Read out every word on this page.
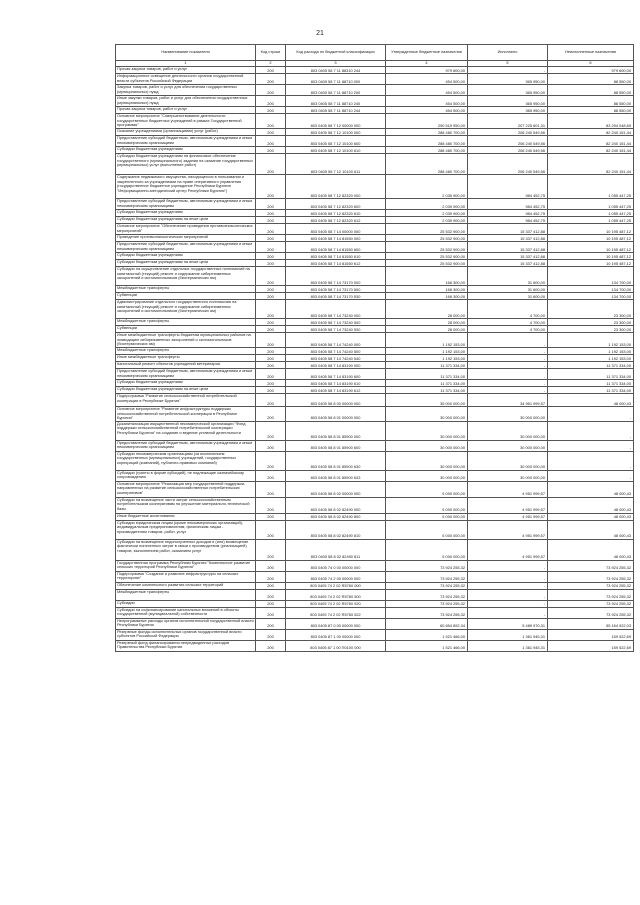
21
Наименование показателя	Код строки	Код расхода по бюджетной классификации	Утвержденные бюджетные назначения	Исполнено	Неисполненные назначения
1	2	3	4	5	6
Прочая закупка товаров, работ и услуг	200	803 0405 58 7 11 88310 244	979 600,00	-	979 600,00
Информационное освещение деятельности органов государственной власти субъектов Российской Федерации	200	803 0405 58 7 11 88710 000	454 500,00	365 950,00	88 550,00
Закупка товаров, работ и услуг для обеспечения государственных (муниципальных) нужд	200	803 0405 58 7 11 88710 200	454 500,00	365 950,00	88 550,00
Иные закупки товаров, работ и услуг для обеспечения государственных (муниципальных) нужд	200	803 0405 58 7 11 88710 240	454 500,00	365 950,00	88 550,00
Прочая закупка товаров, работ и услуг	200	803 0405 58 7 11 88710 244	454 500,00	365 950,00	88 550,00
Основное мероприятие "Совершенствование деятельности государственных бюджетных учреждений в рамках Государственной программы"	200	803 0405 58 7 12 00000 000	290 519 950,00	207 225 601,31	83 294 048,69
Оказание учреждениями (организациями) услуг (работ)	200	803 0405 58 7 12 10100 000	288 480 700,00	206 240 549,56	82 240 151,44
Предоставление субсидий бюджетным, автономным учреждениям и иным некоммерческим организациям	200	803 0405 58 7 12 10100 600	288 480 700,00	206 240 549,56	82 240 151,44
Субсидии бюджетным учреждениям	200	803 0405 58 7 12 10100 610	288 480 700,00	206 240 549,56	82 240 151,44
Субсидии бюджетным учреждениям на финансовое обеспечение государственного (муниципального) задания на оказание государственных (муниципальных) услуг (выполнение работ)	200	803 0405 58 7 12 10100 611	288 480 700,00	206 240 549,56	82 240 151,44
Содержание недвижимого имущества, находящегося в пользовании и закрепленного за учреждениями на праве оперативного управления (государственное бюджетное учреждение Республики Бурятия "Информационно-методический центр Республики Бурятия")	200	803 0405 58 7 12 82320 000	2 039 900,00	984 452,75	1 055 447,25
Предоставление субсидий бюджетным, автономным учреждениям и иным некоммерческим организациям	200	803 0405 58 7 12 82320 600	2 039 900,00	984 452,75	1 055 447,25
Субсидии бюджетным учреждениям	200	803 0405 58 7 12 82320 610	2 039 900,00	984 452,75	1 055 447,25
Субсидии бюджетным учреждениям на иные цели	200	803 0405 58 7 12 82320 612	2 039 900,00	984 452,75	1 055 447,25
Основное мероприятие "Обеспечение проведения противоэпизоотических мероприятий"	200	803 0405 58 7 14 00000 000	25 532 900,00	15 337 412,88	10 195 487,12
Проведение противоэпизоотических мероприятий	200	803 0405 58 7 14 81550 000	25 532 900,00	15 337 412,88	10 195 487,12
Предоставление субсидий бюджетным, автономным учреждениям и иным некоммерческим организациям	200	803 0405 58 7 14 81550 600	25 532 900,00	15 337 412,88	10 195 487,12
Субсидии бюджетным учреждениям	200	803 0405 58 7 14 81550 610	25 532 900,00	15 337 412,88	10 195 487,12
Субсидии бюджетным учреждениям на иные цели	200	803 0405 58 7 14 81550 612	25 532 900,00	15 337 412,88	10 195 487,12
Субсидии на осуществление отдельных государственных полномочий на капитальный (текущий) ремонт и содержание сибиреязвенных захоронений и скотомогильников (биотермических ям)	200	803 0405 58 7 14 73170 000	166 300,00	31 600,00	134 700,00
Межбюджетные трансферты	200	803 0405 58 7 14 73170 500	166 300,00	31 600,00	134 700,00
Субвенции	200	803 0405 58 7 14 73170 530	166 300,00	31 600,00	134 700,00
Администрирование отдельного государственного полномочия на капитальный (текущий) ремонт и содержание сибиреязвенных захоронений и скотомогильников (биотермических ям)	200	803 0405 58 7 14 73240 000	28 000,00	4 700,00	23 300,00
Межбюджетные трансферты	200	803 0405 58 7 14 73240 500	28 000,00	4 700,00	23 300,00
Субвенции	200	803 0405 58 7 14 73240 530	28 000,00	4 700,00	23 300,00
Иные межбюджетные трансферты бюджетам муниципальных районов на ликвидацию сибиреязвенных захоронений и скотомогильников (биотермических ям)	200	803 0405 58 7 14 74240 000	1 192 153,00	-	1 192 153,00
Межбюджетные трансферты	200	803 0405 58 7 14 74240 500	1 192 153,00	-	1 192 153,00
Иные межбюджетные трансферты	200	803 0405 58 7 14 74240 540	1 192 153,00	-	1 192 153,00
Капитальный ремонт объектов учреждений ветеринарии	200	803 0405 58 7 14 83190 000	11 371 334,00	-	11 371 334,00
Предоставление субсидий бюджетным, автономным учреждениям и иным некоммерческим организациям	200	803 0405 58 7 14 83190 600	11 371 334,00	-	11 371 334,00
Субсидии бюджетным учреждениям	200	803 0405 58 7 14 83190 610	11 371 334,00	-	11 371 334,00
Субсидии бюджетным учреждениям на иные цели	200	803 0405 58 7 14 83190 612	11 371 334,00	-	11 371 334,00
Подпрограмма "Развитие сельскохозяйственной потребительской кооперации в Республике Бурятия"	200	803 0405 58 8 00 00000 000	35 000 000,00	34 951 999,57	48 000,43
Основное мероприятие "Развитие инфраструктуры поддержки сельскохозяйственной потребительской кооперации в Республике Бурятия"	200	803 0405 58 8 01 00000 000	30 000 000,00	30 000 000,00	-
Докапитализация имущественной некоммерческой организации "Фонд поддержки сельскохозяйственной потребительской кооперации Республики Бурятия" на создание и ведение уставной деятельности	200	803 0405 58 8 01 85900 000	30 000 000,00	30 000 000,00	-
Предоставление субсидий бюджетным, автономным учреждениям и иным некоммерческим организациям	200	803 0405 58 8 01 85900 600	30 000 000,00	30 000 000,00	-
Субсидии некоммерческим организациям (за исключением государственных (муниципальных) учреждений, государственных корпораций (компаний), публично-правовых компаний)	200	803 0405 58 8 01 85900 630	30 000 000,00	30 000 000,00	-
Субсидии (гранты в форме субсидий), не подлежащие казначейскому сопровождению	200	803 0405 58 8 01 85900 633	30 000 000,00	30 000 000,00	-
Основное мероприятие "Реализация мер государственной поддержки, направленных на развитие сельскохозяйственных потребительских кооперативов"	200	803 0405 58 8 02 00000 000	5 000 000,00	4 951 999,57	48 000,43
Субсидии на возмещение части затрат сельскохозяйственным потребительским кооперативам на улучшение материально-технической базы	200	803 0405 58 8 02 82490 000	5 000 000,00	4 951 999,57	48 000,43
Иные бюджетные ассигнования	200	803 0405 58 8 02 82490 800	5 000 000,00	4 951 999,57	48 000,43
Субсидии юридическим лицам (кроме некоммерческих организаций), индивидуальным предпринимателям, физическим лицам - производителям товаров, работ, услуг	200	803 0405 58 8 02 82490 810	5 000 000,00	4 951 999,57	48 000,43
Субсидии на возмещение недополученных доходов и (или) возмещение фактически понесенных затрат в связи с производством (реализацией) товаров, выполнением работ, оказанием услуг	200	803 0405 58 8 02 82490 811	5 000 000,00	4 951 999,57	48 000,43
Государственная программа Республики Бурятия "Комплексное развитие сельских территорий Республики Бурятия"	200	803 0405 74 0 00 00000 000	73 924 255,32	-	73 924 255,32
Подпрограмма "Создание и развитие инфраструктуры на сельских территориях"	200	803 0405 74 2 00 00000 000	73 924 255,32	-	73 924 255,32
Обеспечение комплексного развития сельских территорий	200	803 0405 74 2 02 R5760 000	73 924 255,32	-	73 924 255,32
Межбюджетные трансферты	200	803 0405 74 2 02 R5760 500	73 924 255,32	-	73 924 255,32
Субсидии	200	803 0405 74 2 02 R5760 520	73 924 255,32	-	73 924 255,32
Субсидии на софинансирование капитальных вложений в объекты государственной (муниципальной) собственности	200	803 0405 74 2 02 R5760 522	73 924 255,32	-	73 924 255,32
Непрограммные расходы органов исполнительной государственной власти Республики Бурятия	200	803 0405 87 0 00 00000 000	60 654 892,34	5 489 970,31	55 164 922,03
Резервные фонды исполнительных органов государственной власти субъектов Российской Федерации	200	803 0405 87 1 00 00000 000	1 521 466,00	1 361 945,31	159 522,69
Резервный фонд финансирования непредвиденных расходов Правительства Республики Бурятия	200	803 0405 87 1 00 П0100 000	1 521 466,00	1 361 945,31	159 522,69
